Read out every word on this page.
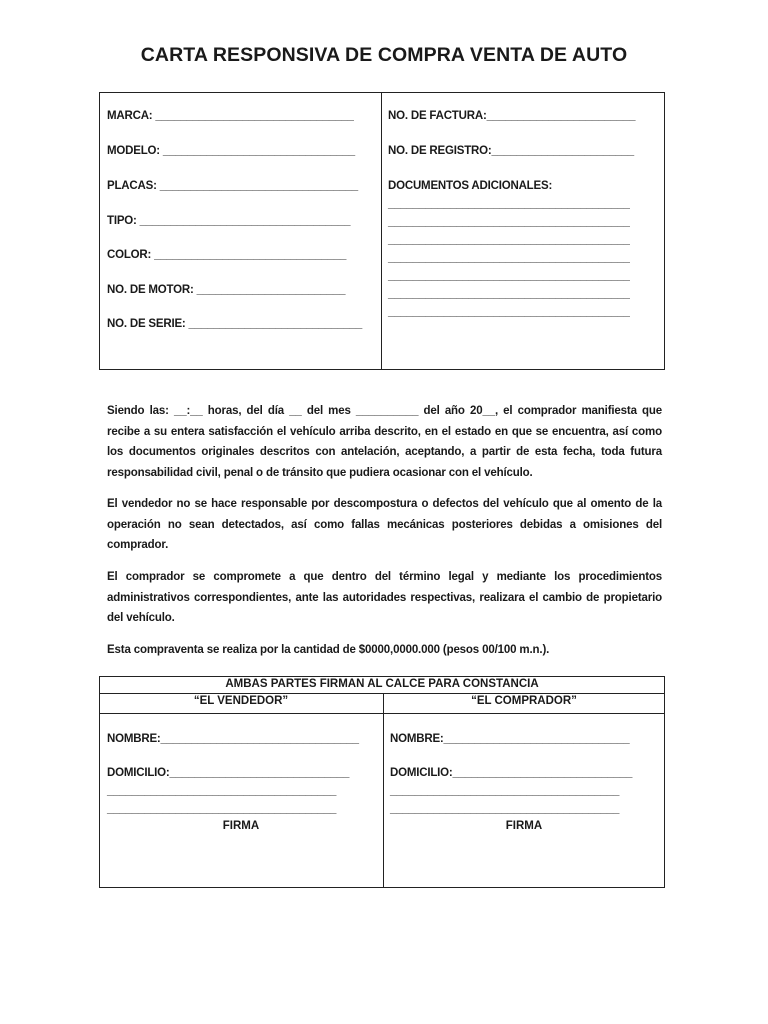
CARTA RESPONSIVA DE COMPRA VENTA DE AUTO
MARCA: ________________________________
MODELO: _______________________________
PLACAS: ________________________________
TIPO: __________________________________
COLOR: _______________________________
NO. DE MOTOR: ________________________
NO. DE SERIE: ____________________________
NO. DE FACTURA:________________________
NO. DE REGISTRO:_______________________
DOCUMENTOS ADICIONALES:
_______________________________________
_______________________________________
_______________________________________
_______________________________________
_______________________________________
_______________________________________
_______________________________________
Siendo las: __:__ horas, del día __ del mes __________ del año 20__, el comprador manifiesta que recibe a su entera satisfacción el vehículo arriba descrito, en el estado en que se encuentra, así como los documentos originales descritos con antelación, aceptando, a partir de esta fecha, toda futura responsabilidad civil, penal o de tránsito que pudiera ocasionar con el vehículo.
El vendedor no se hace responsable por descompostura o defectos del vehículo que al omento de la operación no sean detectados, así como fallas mecánicas posteriores debidas a omisiones del comprador.
El comprador se compromete a que dentro del término legal y mediante los procedimientos administrativos correspondientes, ante las autoridades respectivas, realizara el cambio de propietario del vehículo.
Esta compraventa se realiza por la cantidad de $0000,0000.000 (pesos 00/100 m.n.).
AMBAS PARTES FIRMAN AL CALCE PARA CONSTANCIA
“EL VENDEDOR”	“EL COMPRADOR”
NOMBRE:________________________________	NOMBRE:______________________________
DOMICILIO:_____________________________	DOMICILIO:_____________________________
_____________________________________
_____________________________________
_____________________________________
_____________________________________
FIRMA	FIRMA
